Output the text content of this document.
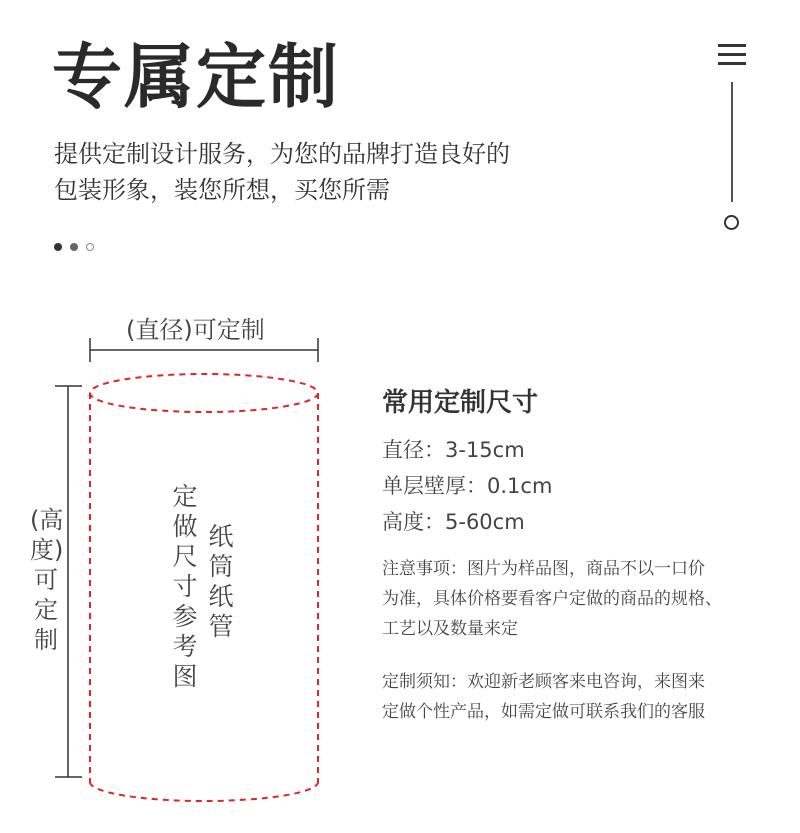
专属定制

提供定制设计服务，为您的品牌打造良好的
包装形象，装您所想，买您所需

(直径)可定制
(高度)可定制
定做尺寸参考图
纸筒纸管
常用定制尺寸
直径：3-15cm
单层壁厚：0.1cm
高度：5-60cm
注意事项：图片为样品图，商品不以一口价
为准，具体价格要看客户定做的商品的规格、
工艺以及数量来定
定制须知：欢迎新老顾客来电咨询，来图来
定做个性产品，如需定做可联系我们的客服
